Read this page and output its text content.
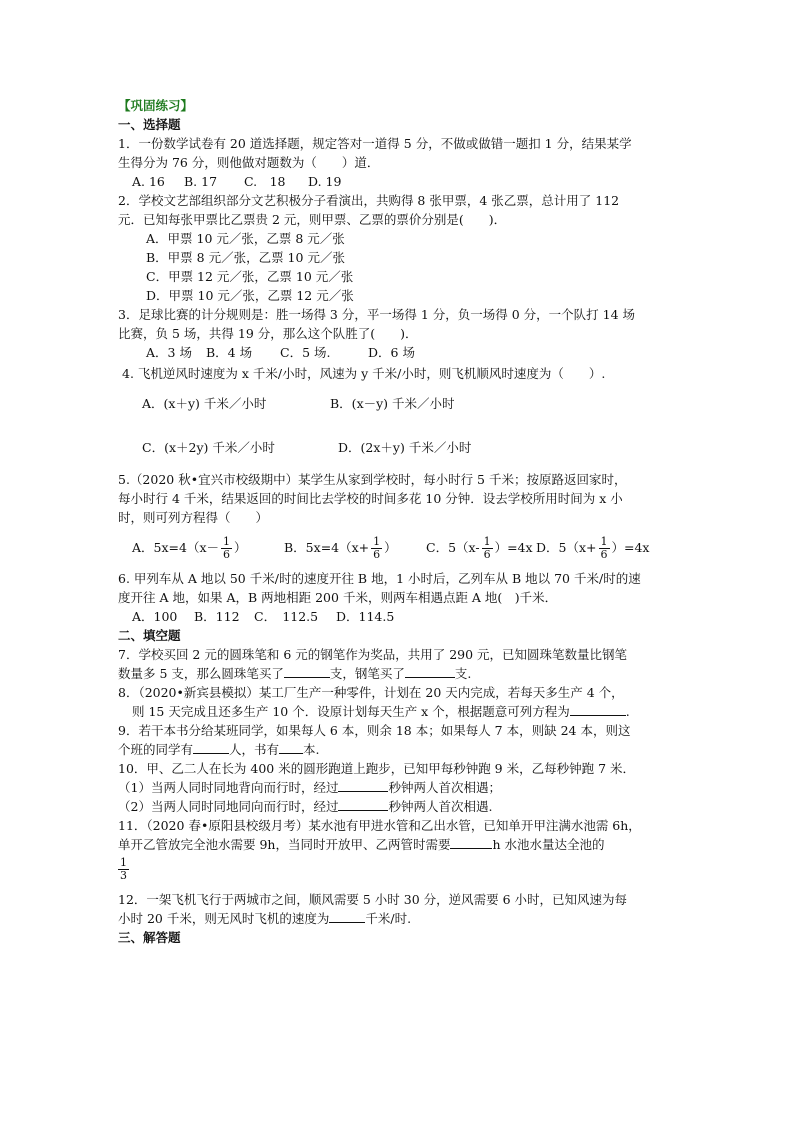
【巩固练习】
一、选择题
1．一份数学试卷有 20 道选择题，规定答对一道得 5 分，不做或做错一题扣 1 分，结果某学
生得分为 76 分，则他做对题数为（　　）道．
A. 16 B. 17 C.　18 D. 19
2．学校文艺部组织部分文艺积极分子看演出，共购得 8 张甲票，4 张乙票，总计用了 112
元．已知每张甲票比乙票贵 2 元，则甲票、乙票的票价分别是(　　)．
A．甲票 10 元／张，乙票 8 元／张
B．甲票 8 元／张，乙票 10 元／张
C．甲票 12 元／张，乙票 10 元／张
D．甲票 10 元／张，乙票 12 元／张
3．足球比赛的计分规则是：胜一场得 3 分，平一场得 1 分，负一场得 0 分，一个队打 14 场
比赛，负 5 场，共得 19 分，那么这个队胜了(　　)．
A．3 场 B．4 场 C．5 场.	D．6 场
4. 飞机逆风时速度为 x 千米/小时，风速为 y 千米/小时，则飞机顺风时速度为（　　）.
A．(x＋y) 千米／小时	B．(x－y) 千米／小时
C．(x＋2y) 千米／小时	D．(2x＋y) 千米／小时
5.（2020 秋•宜兴市校级期中）某学生从家到学校时，每小时行 5 千米；按原路返回家时，
每小时行 4 千米，结果返回的时间比去学校的时间多花 10 分钟．设去学校所用时间为 x 小
时，则可列方程得（　　）
A．$5x=4(x- \frac{1}{6}$ ）	B．$5x=4(x+ \frac{1}{6}$ ） C．$5(x- \frac{1}{6} )=4x$ D．$5(x+ \frac{1}{6} )=4x$
6. 甲列车从 A 地以 50 千米/时的速度开往 B 地，1 小时后，乙列车从 B 地以 70 千米/时的速
度开往 A 地，如果 A，B 两地相距 200 千米，则两车相遇点距 A 地(　)千米．
A．100 B．112 C．　112.5 D．114.5
二、填空题
7．学校买回 2 元的圆珠笔和 6 元的钢笔作为奖品，共用了 290 元，已知圆珠笔数量比钢笔
数量多 5 支，那么圆珠笔买了	支，钢笔买了	支.
8．（2020•新宾县模拟）某工厂生产一种零件，计划在 20 天内完成，若每天多生产 4 个，
则 15 天完成且还多生产 10 个．设原计划每天生产 x 个，根据题意可列方程为	.
9．若干本书分给某班同学，如果每人 6 本，则余 18 本；如果每人 7 本，则缺 24 本，则这
个班的同学有	人，书有 本.
10．甲、乙二人在长为 400 米的圆形跑道上跑步，已知甲每秒钟跑 9 米，乙每秒钟跑 7 米．
（1）当两人同时同地背向而行时，经过	秒钟两人首次相遇；
（2）当两人同时同地同向而行时，经过	秒钟两人首次相遇.
11．（2020 春•原阳县校级月考）某水池有甲进水管和乙出水管，已知单开甲注满水池需 6h，
单开乙管放完全池水需要 9h，当同时开放甲、乙两管时需要	h 水池水量达全池的
$\frac{1}{3}$
12．一架飞机飞行于两城市之间，顺风需要 5 小时 30 分，逆风需要 6 小时，已知风速为每
小时 20 千米，则无风时飞机的速度为	千米/时.
三、解答题
